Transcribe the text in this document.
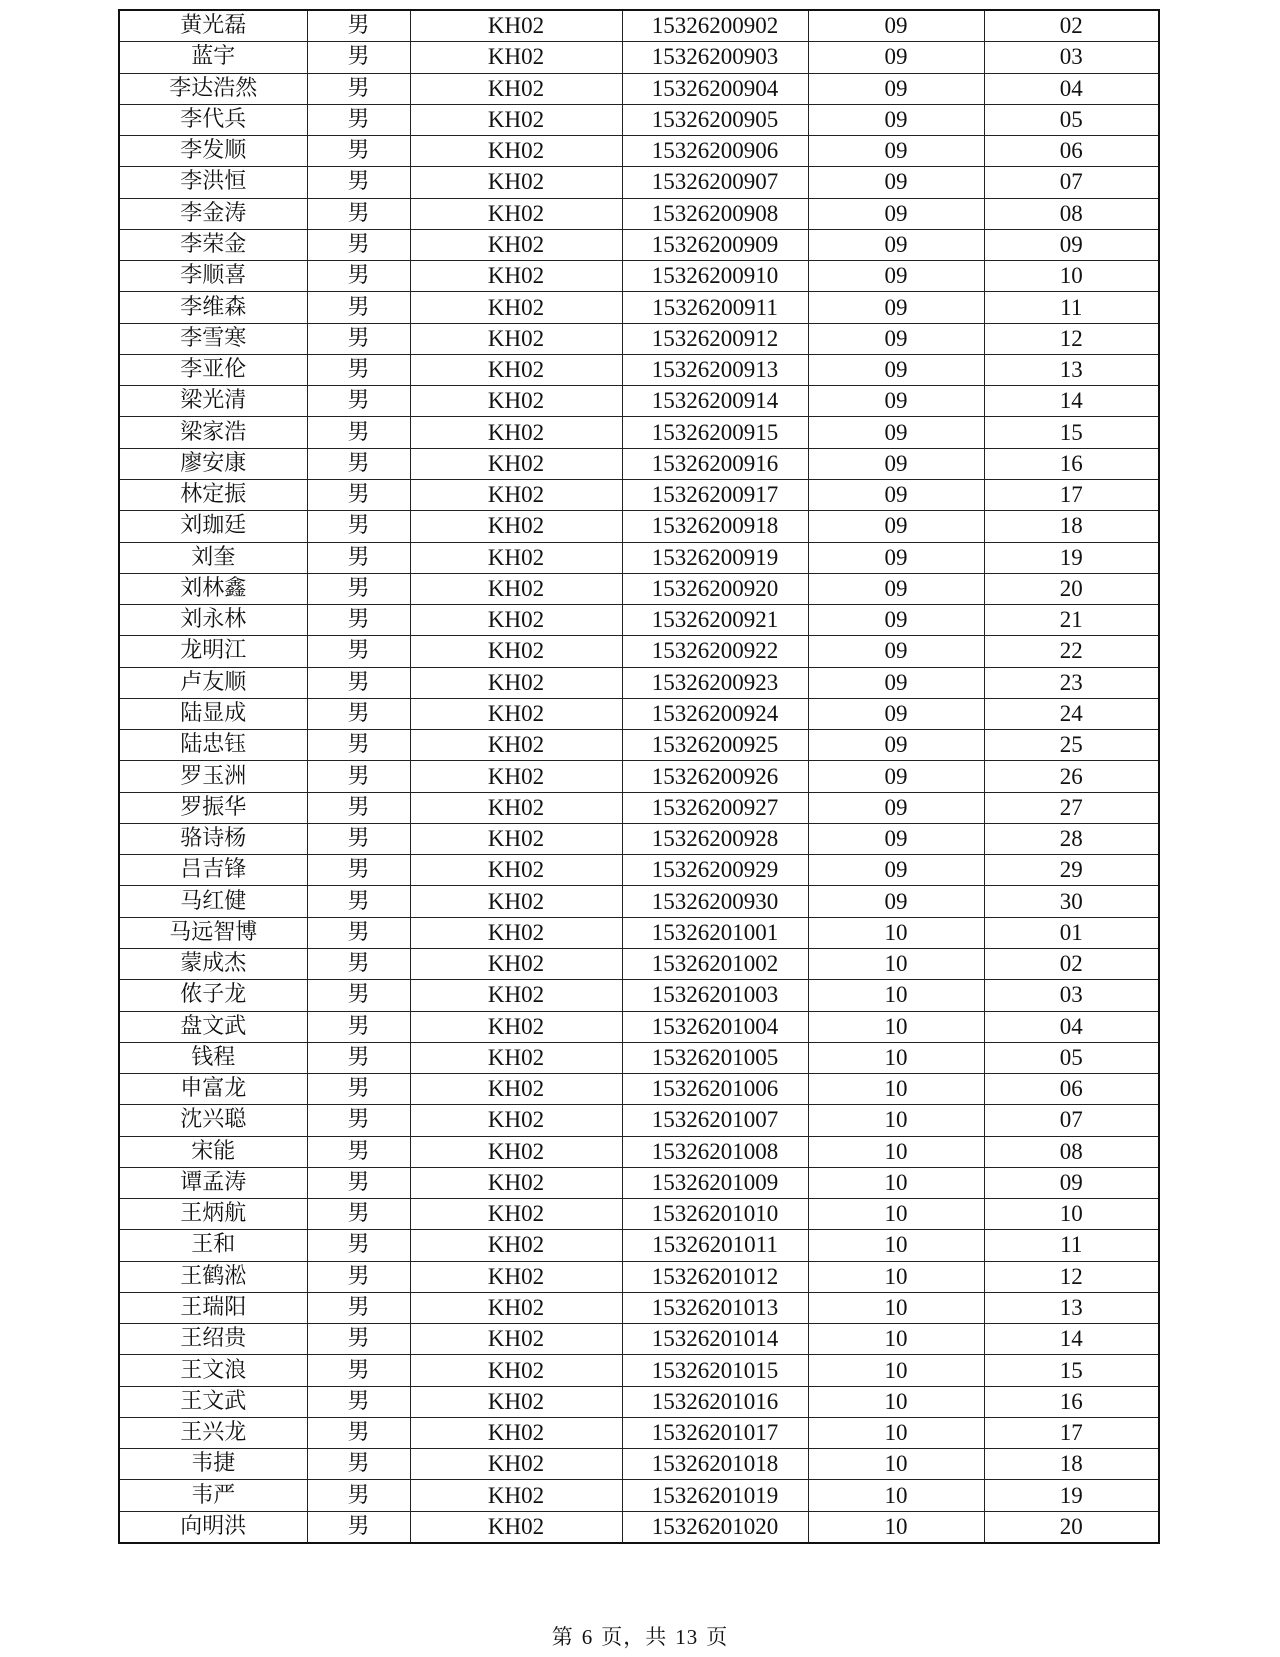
黄光磊	男	KH02	15326200902	09	02
蓝宇	男	KH02	15326200903	09	03
李达浩然	男	KH02	15326200904	09	04
李代兵	男	KH02	15326200905	09	05
李发顺	男	KH02	15326200906	09	06
李洪恒	男	KH02	15326200907	09	07
李金涛	男	KH02	15326200908	09	08
李荣金	男	KH02	15326200909	09	09
李顺喜	男	KH02	15326200910	09	10
李维森	男	KH02	15326200911	09	11
李雪寒	男	KH02	15326200912	09	12
李亚伦	男	KH02	15326200913	09	13
梁光清	男	KH02	15326200914	09	14
梁家浩	男	KH02	15326200915	09	15
廖安康	男	KH02	15326200916	09	16
林定振	男	KH02	15326200917	09	17
刘珈廷	男	KH02	15326200918	09	18
刘奎	男	KH02	15326200919	09	19
刘林鑫	男	KH02	15326200920	09	20
刘永林	男	KH02	15326200921	09	21
龙明江	男	KH02	15326200922	09	22
卢友顺	男	KH02	15326200923	09	23
陆显成	男	KH02	15326200924	09	24
陆忠钰	男	KH02	15326200925	09	25
罗玉洲	男	KH02	15326200926	09	26
罗振华	男	KH02	15326200927	09	27
骆诗杨	男	KH02	15326200928	09	28
吕吉锋	男	KH02	15326200929	09	29
马红健	男	KH02	15326200930	09	30
马远智博	男	KH02	15326201001	10	01
蒙成杰	男	KH02	15326201002	10	02
侬子龙	男	KH02	15326201003	10	03
盘文武	男	KH02	15326201004	10	04
钱程	男	KH02	15326201005	10	05
申富龙	男	KH02	15326201006	10	06
沈兴聪	男	KH02	15326201007	10	07
宋能	男	KH02	15326201008	10	08
谭孟涛	男	KH02	15326201009	10	09
王炳航	男	KH02	15326201010	10	10
王和	男	KH02	15326201011	10	11
王鹤淞	男	KH02	15326201012	10	12
王瑞阳	男	KH02	15326201013	10	13
王绍贵	男	KH02	15326201014	10	14
王文浪	男	KH02	15326201015	10	15
王文武	男	KH02	15326201016	10	16
王兴龙	男	KH02	15326201017	10	17
韦捷	男	KH02	15326201018	10	18
韦严	男	KH02	15326201019	10	19
向明洪	男	KH02	15326201020	10	20
第 6 页，共 13 页
